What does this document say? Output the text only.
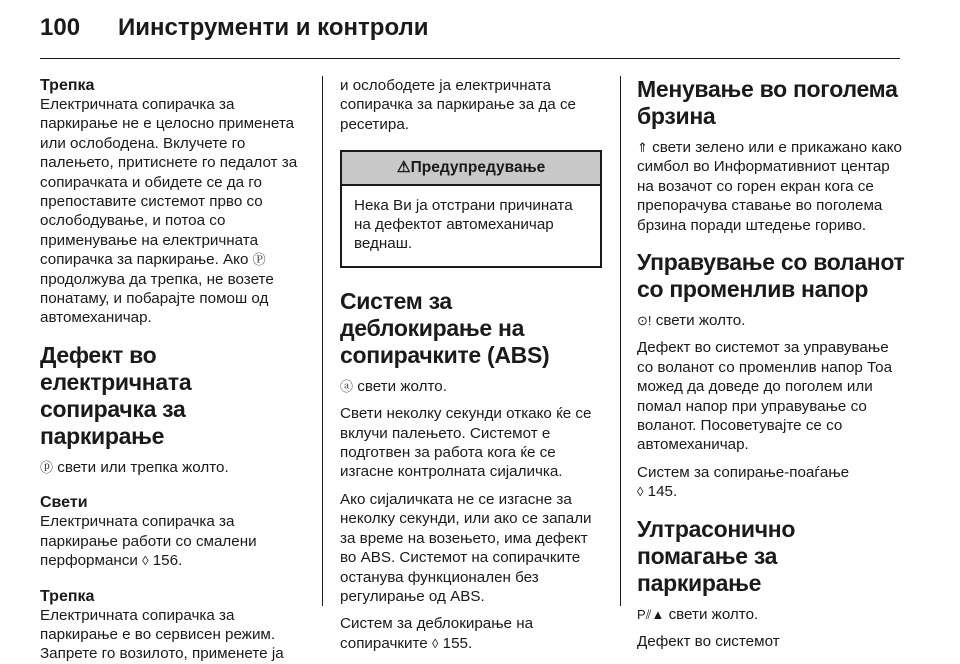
100	Иинструменти и контроли

Трепка

Електричната сопирачка за паркирање не е целосно применета или ослободена. Вклучете го палењето, притиснете го педалот за сопирачката и обидете се да го препоставите системот прво со ослободување, и потоа со применување на електричната сопирачка за паркирање. Ако Ⓟ продолжува да трепка, не возете понатаму, и побарајте помош од автомеханичар.

Дефект во електричната сопирачка за паркирање

ⓟ свети или трепка жолто.

Свети

Електричната сопирачка за паркирање работи со смалени перформанси ◊ 156.

Трепка

Електричната сопирачка за паркирање е во сервисен режим. Запрете го возилото, применете ја

и ослободете ја електричната сопирачка за паркирање за да се ресетира.

⚠Предупредување
Нека Ви ја отстрани причината на дефектот автомеханичар веднаш.

Систем за деблокирање на сопирачките (ABS)

ⓐ свети жолто.

Свети неколку секунди откако ќе се вклучи палењето. Системот е подготвен за работа кога ќе се изгасне контролната сијаличка.

Ако сијаличката не се изгасне за неколку секунди, или ако се запали за време на возењето, има дефект во ABS. Системот на сопирачките останува функционален без регулирање од ABS.

Систем за деблокирање на сопирачките ◊ 155.

Менување во поголема брзина

⇑ свети зелено или е прикажано како симбол во Информативниот центар на возачот со горен екран кога се препорачува ставање во поголема брзина поради штедење гориво.

Управување со воланот со променлив напор

⊙! свети жолто.

Дефект во системот за управување со воланот со променлив напор Тоа можед да доведе до поголем или помал напор при управување со воланот. Посоветувајте се со автомеханичар.

Систем за сопирање-поаѓање

◊ 145.

Ултрасонично помагање за паркирање

P⫽▲ свети жолто.

Дефект во системот
